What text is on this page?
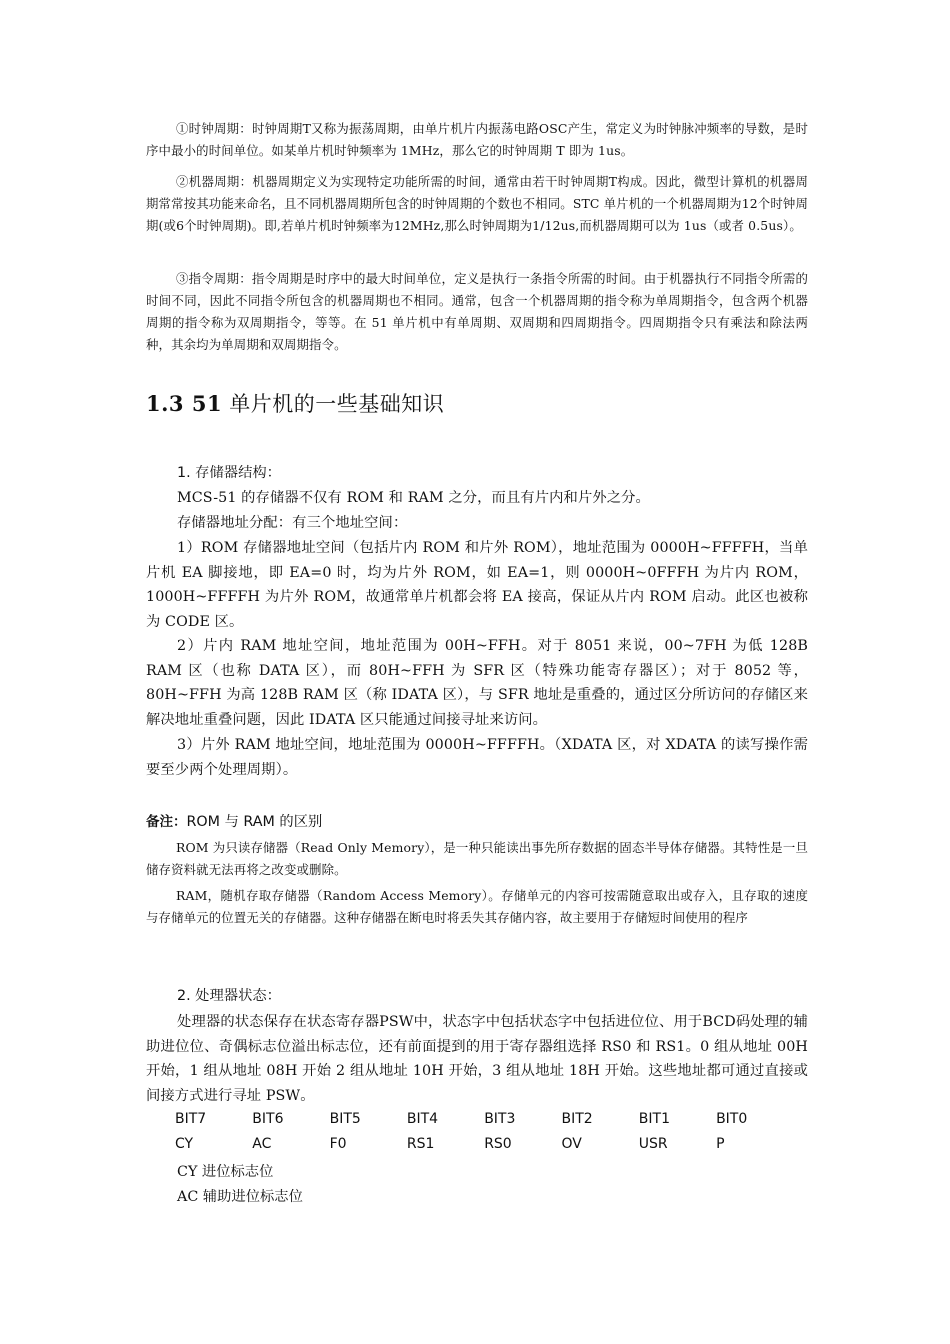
①时钟周期：时钟周期T又称为振荡周期，由单片机片内振荡电路OSC产生，常定义为时钟脉冲频率的导数，是时序中最小的时间单位。如某单片机时钟频率为 1MHz，那么它的时钟周期 T 即为 1us。

②机器周期：机器周期定义为实现特定功能所需的时间，通常由若干时钟周期T构成。因此，微型计算机的机器周期常常按其功能来命名，且不同机器周期所包含的时钟周期的个数也不相同。STC 单片机的一个机器周期为12个时钟周期(或6个时钟周期)。即,若单片机时钟频率为12MHz,那么时钟周期为1/12us,而机器周期可以为 1us（或者 0.5us）。

③指令周期：指令周期是时序中的最大时间单位，定义是执行一条指令所需的时间。由于机器执行不同指令所需的时间不同，因此不同指令所包含的机器周期也不相同。通常，包含一个机器周期的指令称为单周期指令，包含两个机器周期的指令称为双周期指令，等等。在 51 单片机中有单周期、双周期和四周期指令。四周期指令只有乘法和除法两种，其余均为单周期和双周期指令。

1.3 51 单片机的一些基础知识

1. 存储器结构：

MCS-51 的存储器不仅有 ROM 和 RAM 之分，而且有片内和片外之分。

存储器地址分配：有三个地址空间：

1）ROM 存储器地址空间（包括片内 ROM 和片外 ROM），地址范围为 0000H~FFFFH，当单片机 EA 脚接地，即 EA=0 时，均为片外 ROM，如 EA=1，则 0000H~0FFFH 为片内 ROM，1000H~FFFFH 为片外 ROM，故通常单片机都会将 EA 接高，保证从片内 ROM 启动。此区也被称为 CODE 区。

2）片内 RAM 地址空间，地址范围为 00H~FFH。对于 8051 来说，00~7FH 为低 128B RAM 区（也称 DATA 区），而 80H~FFH 为 SFR 区（特殊功能寄存器区）；对于 8052 等，80H~FFH 为高 128B RAM 区（称 IDATA 区），与 SFR 地址是重叠的，通过区分所访问的存储区来解决地址重叠问题，因此 IDATA 区只能通过间接寻址来访问。

3）片外 RAM 地址空间，地址范围为 0000H~FFFFH。（XDATA 区，对 XDATA 的读写操作需要至少两个处理周期）。

备注：ROM 与 RAM 的区别

ROM 为只读存储器（Read Only Memory），是一种只能读出事先所存数据的固态半导体存储器。其特性是一旦储存资料就无法再将之改变或删除。

RAM，随机存取存储器（Random Access Memory）。存储单元的内容可按需随意取出或存入，且存取的速度与存储单元的位置无关的存储器。这种存储器在断电时将丢失其存储内容，故主要用于存储短时间使用的程序

2. 处理器状态：

处理器的状态保存在状态寄存器PSW中，状态字中包括状态字中包括进位位、用于BCD码处理的辅助进位位、奇偶标志位溢出标志位，还有前面提到的用于寄存器组选择 RS0 和 RS1。0 组从地址 00H 开始，1 组从地址 08H 开始 2 组从地址 10H 开始，3 组从地址 18H 开始。这些地址都可通过直接或间接方式进行寻址 PSW。

BIT7	BIT6	BIT5	BIT4	BIT3	BIT2	BIT1	BIT0
CY	AC	F0	RS1	RS0	OV	USR	P

CY 进位标志位

AC 辅助进位标志位
